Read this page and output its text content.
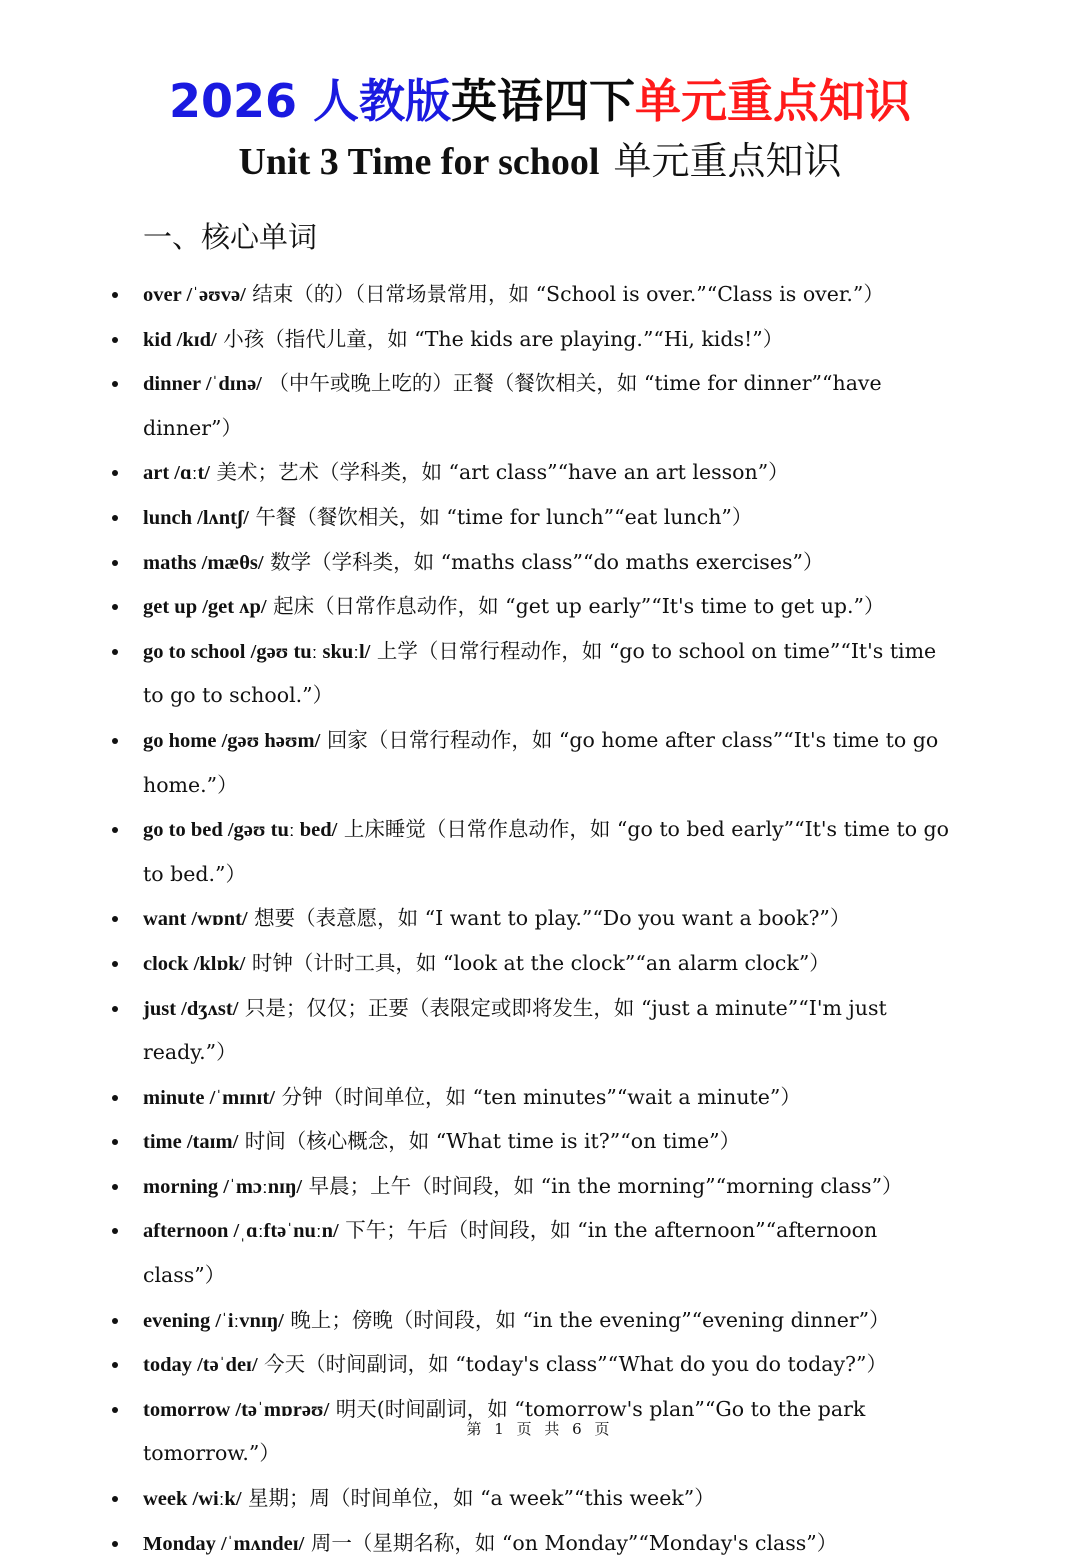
2026 人教版英语四下单元重点知识
Unit 3 Time for school 单元重点知识
一、核心单词
over /ˈəʊvə/ 结束（的）（日常场景常用，如 “School is over.”“Class is over.”）
kid /kɪd/ 小孩（指代儿童，如 “The kids are playing.”“Hi, kids!”）
dinner /ˈdɪnə/ （中午或晚上吃的）正餐（餐饮相关，如 “time for dinner”“have dinner”）
art /ɑːt/ 美术；艺术（学科类，如 “art class”“have an art lesson”）
lunch /lʌntʃ/ 午餐（餐饮相关，如 “time for lunch”“eat lunch”）
maths /mæθs/ 数学（学科类，如 “maths class”“do maths exercises”）
get up /get ʌp/ 起床（日常作息动作，如 “get up early”“It's time to get up.”）
go to school /gəʊ tuː skuːl/ 上学（日常行程动作，如 “go to school on time”“It's time to go to school.”）
go home /gəʊ həʊm/ 回家（日常行程动作，如 “go home after class”“It's time to go home.”）
go to bed /gəʊ tuː bed/ 上床睡觉（日常作息动作，如 “go to bed early”“It's time to go to bed.”）
want /wɒnt/ 想要（表意愿，如 “I want to play.”“Do you want a book?”）
clock /klɒk/ 时钟（计时工具，如 “look at the clock”“an alarm clock”）
just /dʒʌst/ 只是；仅仅；正要（表限定或即将发生，如 “just a minute”“I'm just ready.”）
minute /ˈmɪnɪt/ 分钟（时间单位，如 “ten minutes”“wait a minute”）
time /taɪm/ 时间（核心概念，如 “What time is it?”“on time”）
morning /ˈmɔːnɪŋ/ 早晨；上午（时间段，如 “in the morning”“morning class”）
afternoon /ˌɑːftəˈnuːn/ 下午；午后（时间段，如 “in the afternoon”“afternoon class”）
evening /ˈiːvnɪŋ/ 晚上；傍晚（时间段，如 “in the evening”“evening dinner”）
today /təˈdeɪ/ 今天（时间副词，如 “today's class”“What do you do today?”）
tomorrow /təˈmɒrəʊ/ 明天(时间副词，如 “tomorrow's plan”“Go to the park tomorrow.”）
week /wiːk/ 星期；周（时间单位，如 “a week”“this week”）
Monday /ˈmʌndeɪ/ 周一（星期名称，如 “on Monday”“Monday's class”）
第 1 页 共 6 页
